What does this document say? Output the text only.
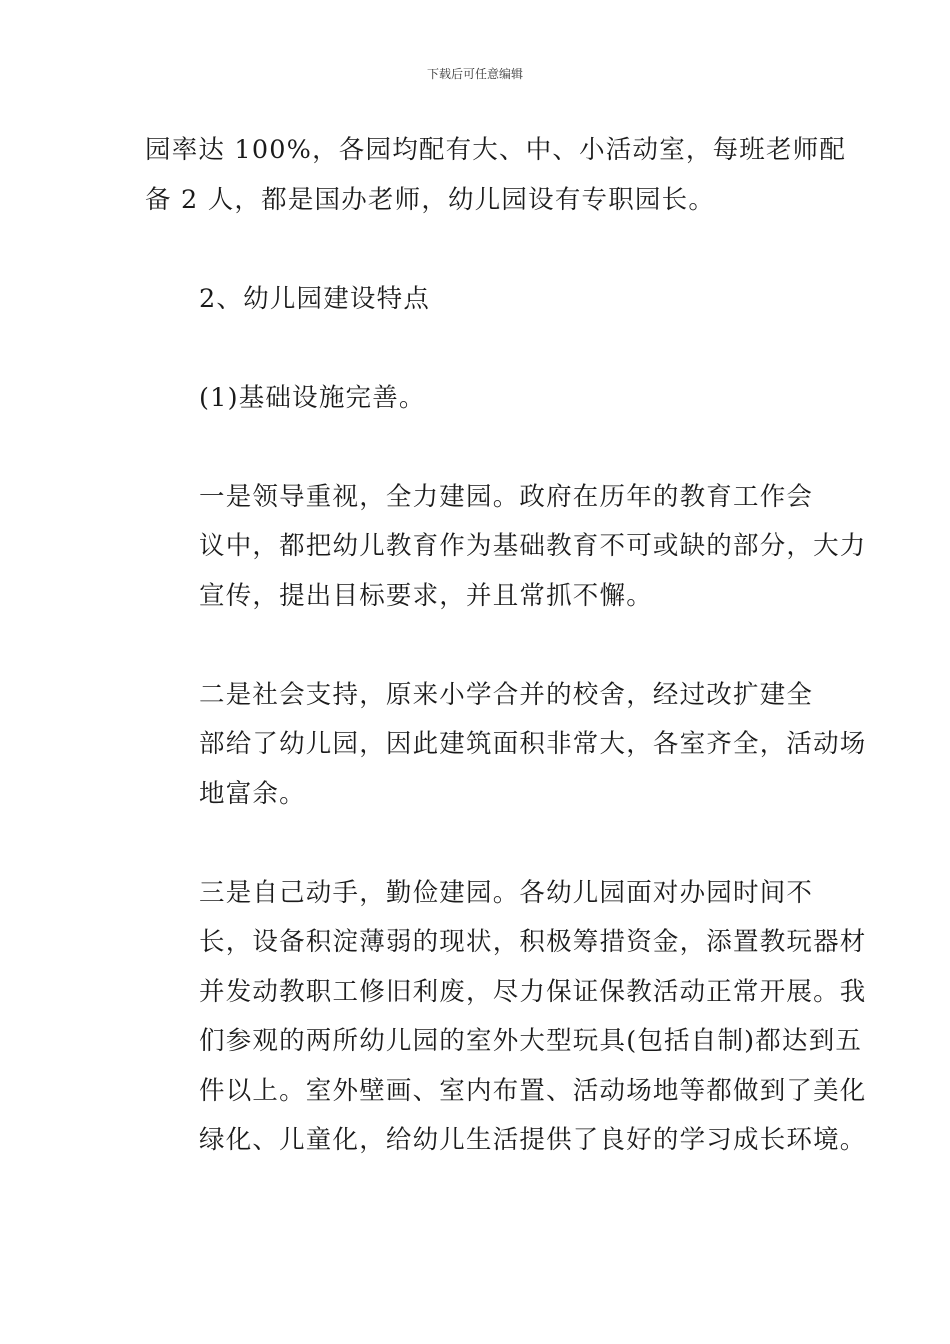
下载后可任意编辑

园率达 100%，各园均配有大、中、小活动室，每班老师配
备 2 人，都是国办老师，幼儿园设有专职园长。

2、幼儿园建设特点

(1)基础设施完善。

一是领导重视，全力建园。政府在历年的教育工作会
议中，都把幼儿教育作为基础教育不可或缺的部分，大力
宣传，提出目标要求，并且常抓不懈。

二是社会支持，原来小学合并的校舍，经过改扩建全
部给了幼儿园，因此建筑面积非常大，各室齐全，活动场
地富余。

三是自己动手，勤俭建园。各幼儿园面对办园时间不
长，设备积淀薄弱的现状，积极筹措资金，添置教玩器材
并发动教职工修旧利废，尽力保证保教活动正常开展。我
们参观的两所幼儿园的室外大型玩具(包括自制)都达到五
件以上。室外壁画、室内布置、活动场地等都做到了美化
绿化、儿童化，给幼儿生活提供了良好的学习成长环境。
